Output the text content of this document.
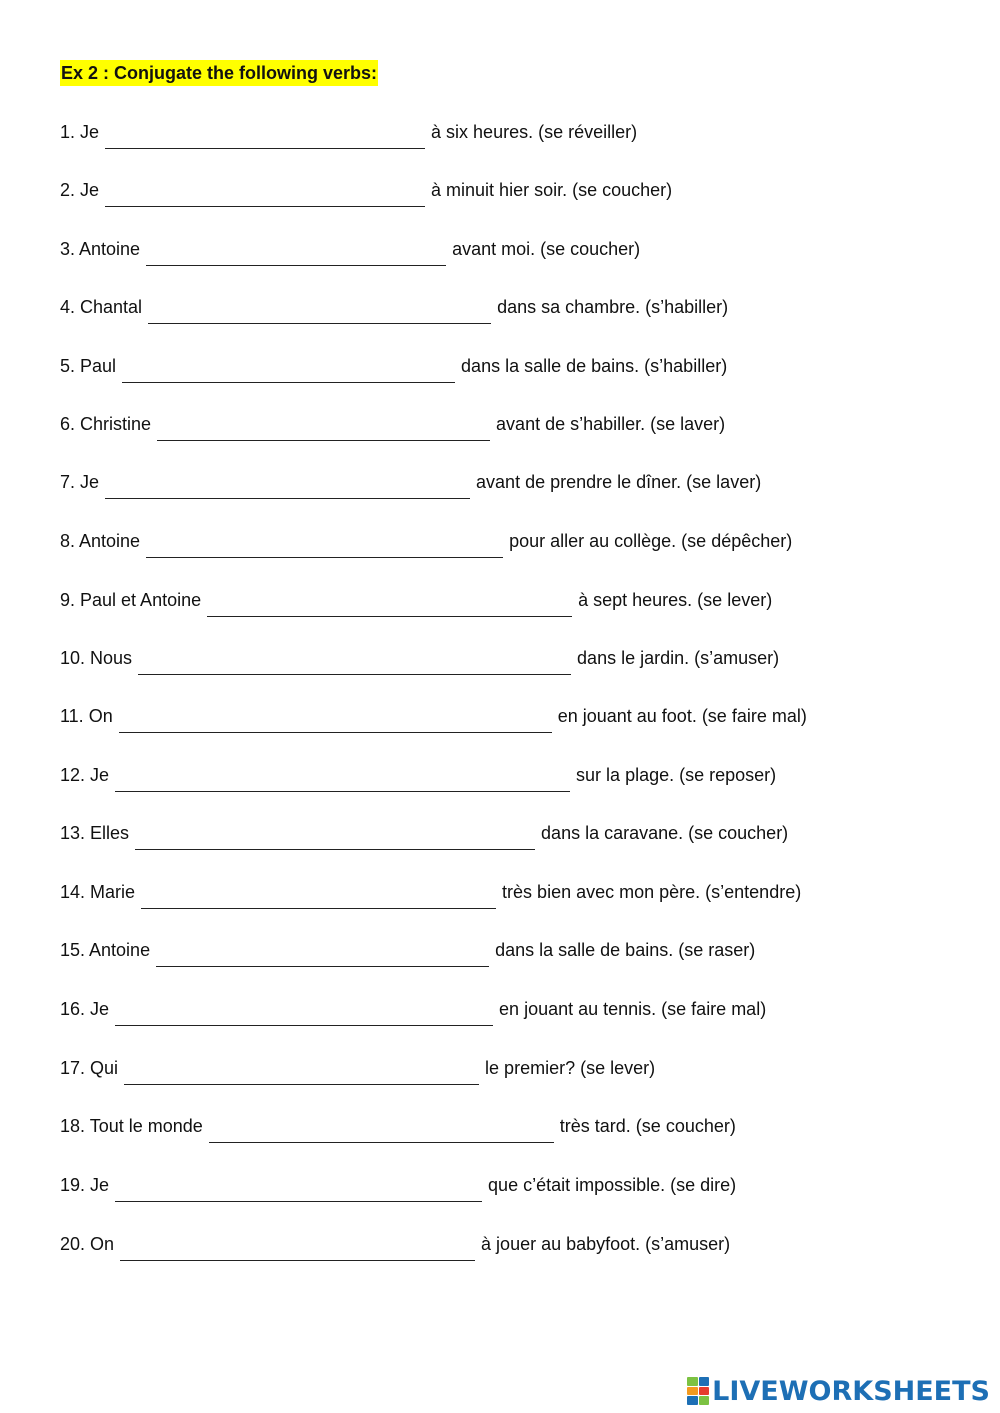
Ex 2 : Conjugate the following verbs:
1. Je	à six heures. (se réveiller)
2. Je	à minuit hier soir. (se coucher)
3. Antoine	avant moi. (se coucher)
4. Chantal	dans sa chambre. (s’habiller)
5. Paul	dans la salle de bains. (s’habiller)
6. Christine	avant de s’habiller. (se laver)
7. Je	avant de prendre le dîner. (se laver)
8. Antoine	pour aller au collège. (se dépêcher)
9. Paul et Antoine	à sept heures. (se lever)
10. Nous	dans le jardin. (s’amuser)
11. On	en jouant au foot. (se faire mal)
12. Je	sur la plage. (se reposer)
13. Elles	dans la caravane. (se coucher)
14. Marie	très bien avec mon père. (s’entendre)
15. Antoine	dans la salle de bains. (se raser)
16. Je	en jouant au tennis. (se faire mal)
17. Qui	le premier? (se lever)
18. Tout le monde	très tard. (se coucher)
19. Je	que c’était impossible. (se dire)
20. On	à jouer au babyfoot. (s’amuser)
LIVEWORKSHEETS
